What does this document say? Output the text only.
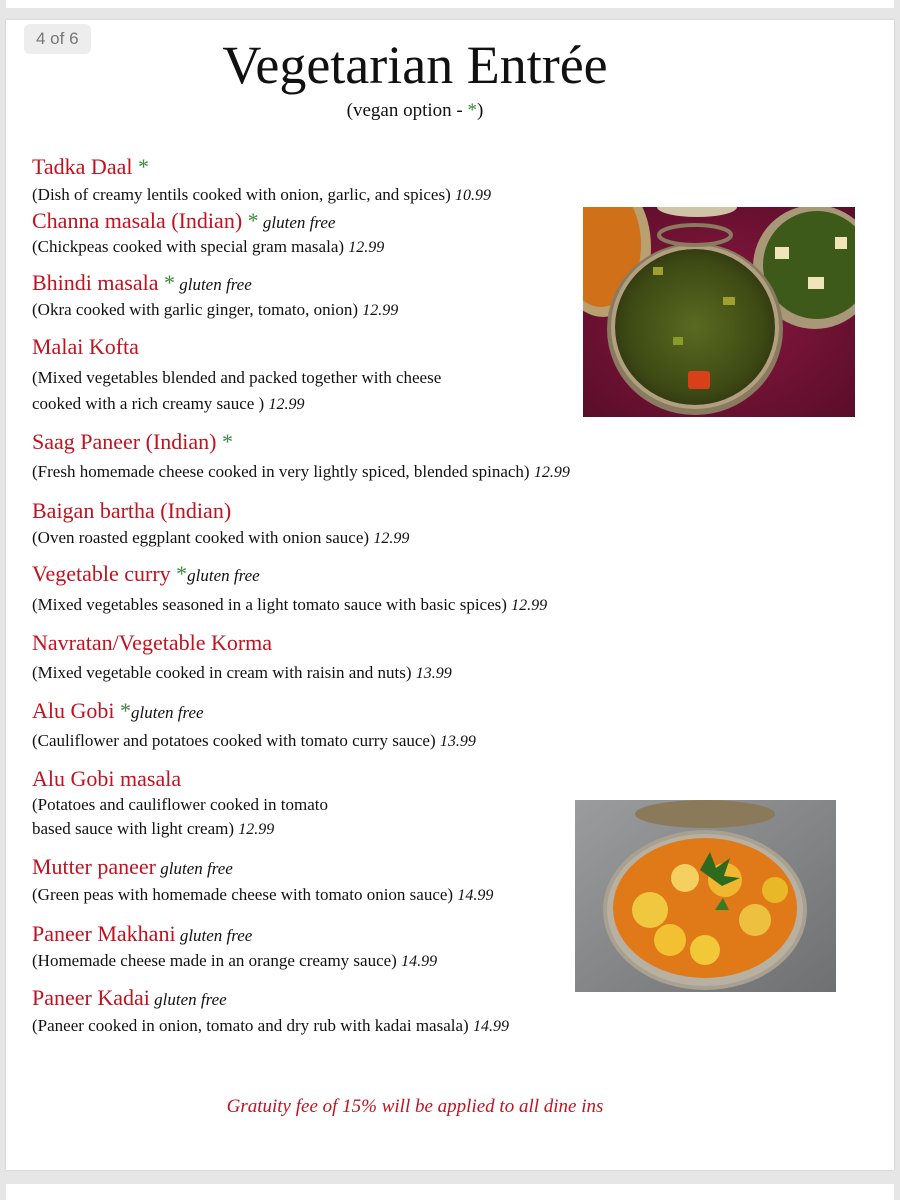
4 of 6	Vegetarian Entrée
(vegan option - *)
Tadka Daal *
(Dish of creamy lentils cooked with onion, garlic, and spices) 10.99
Channa masala (Indian) * gluten free
(Chickpeas cooked with special gram masala) 12.99
Bhindi masala * gluten free
(Okra cooked with garlic ginger, tomato, onion) 12.99
Malai Kofta
(Mixed vegetables blended and packed together with cheese
cooked with a rich creamy sauce ) 12.99
Saag Paneer (Indian) *
(Fresh homemade cheese cooked in very lightly spiced, blended spinach) 12.99
Baigan bartha (Indian)
(Oven roasted eggplant cooked with onion sauce) 12.99
Vegetable curry *gluten free
(Mixed vegetables seasoned in a light tomato sauce with basic spices) 12.99
Navratan/Vegetable Korma
(Mixed vegetable cooked in cream with raisin and nuts) 13.99
Alu Gobi *gluten free
(Cauliflower and potatoes cooked with tomato curry sauce) 13.99
Alu Gobi masala
(Potatoes and cauliflower cooked in tomato
based sauce with light cream) 12.99
Mutter paneer gluten free
(Green peas with homemade cheese with tomato onion sauce) 14.99
Paneer Makhani gluten free
(Homemade cheese made in an orange creamy sauce) 14.99
Paneer Kadai gluten free
(Paneer cooked in onion, tomato and dry rub with kadai masala) 14.99
Gratuity fee of 15% will be applied to all dine ins
